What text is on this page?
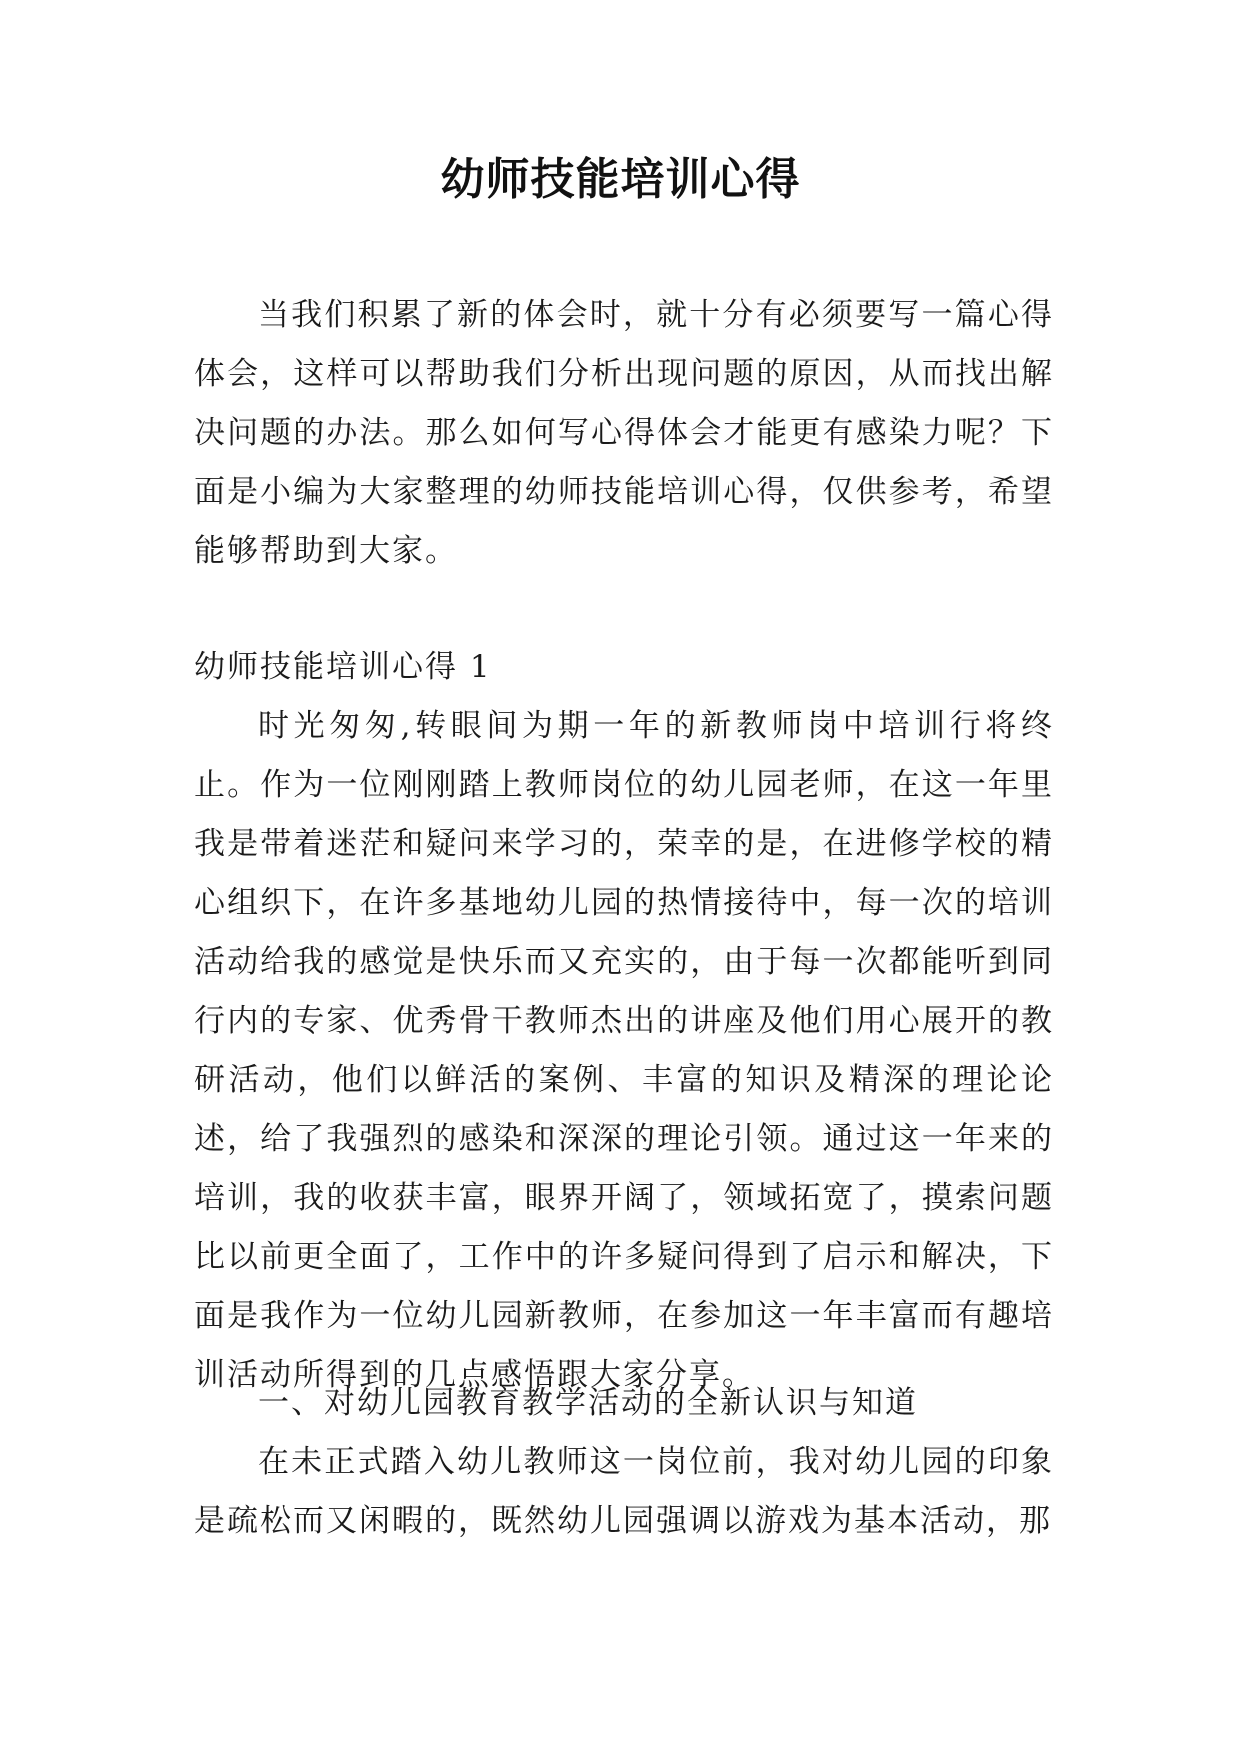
幼师技能培训心得

当我们积累了新的体会时，就十分有必须要写一篇心得体会，这样可以帮助我们分析出现问题的原因，从而找出解决问题的办法。那么如何写心得体会才能更有感染力呢？下面是小编为大家整理的幼师技能培训心得，仅供参考，希望能够帮助到大家。

幼师技能培训心得 1

时光匆匆,转眼间为期一年的新教师岗中培训行将终止。作为一位刚刚踏上教师岗位的幼儿园老师，在这一年里我是带着迷茫和疑问来学习的，荣幸的是，在进修学校的精心组织下，在许多基地幼儿园的热情接待中，每一次的培训活动给我的感觉是快乐而又充实的，由于每一次都能听到同行内的专家、优秀骨干教师杰出的讲座及他们用心展开的教研活动，他们以鲜活的案例、丰富的知识及精深的理论论述，给了我强烈的感染和深深的理论引领。通过这一年来的培训，我的收获丰富，眼界开阔了，领域拓宽了，摸索问题比以前更全面了，工作中的许多疑问得到了启示和解决，下面是我作为一位幼儿园新教师，在参加这一年丰富而有趣培训活动所得到的几点感悟跟大家分享。

一、对幼儿园教育教学活动的全新认识与知道

在未正式踏入幼儿教师这一岗位前，我对幼儿园的印象是疏松而又闲暇的，既然幼儿园强调以游戏为基本活动，那
